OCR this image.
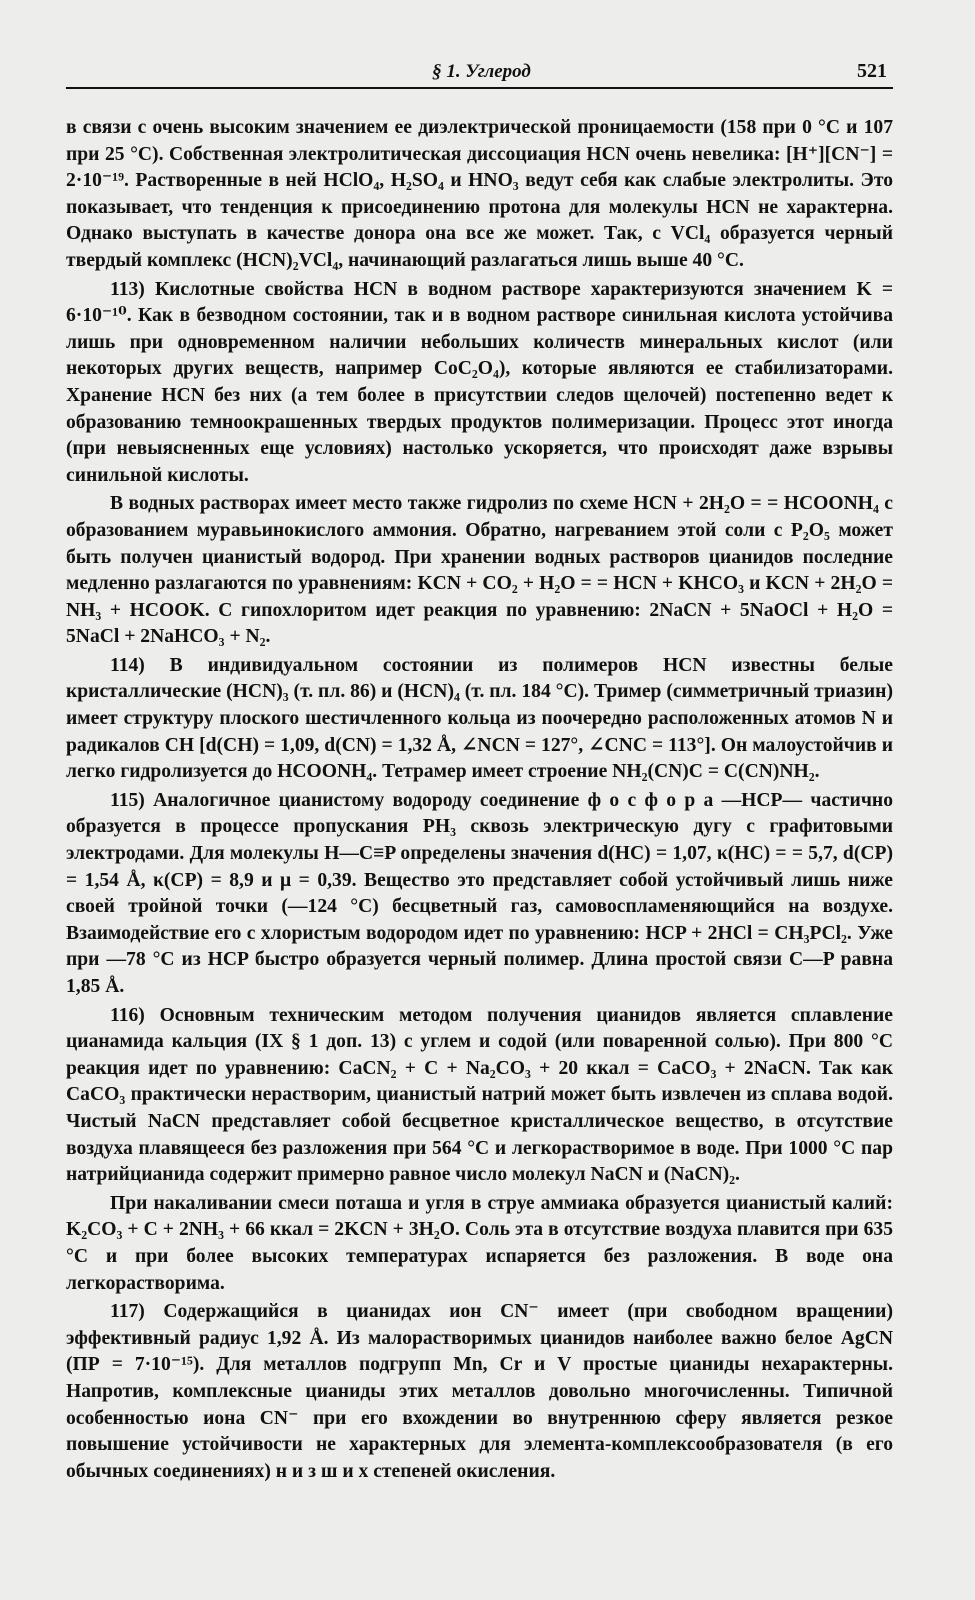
§ 1. Углерод	521

в связи с очень высоким значением ее диэлектрической проницаемости (158 при 0 °С и 107 при 25 °С). Собственная электролитическая диссоциация HCN очень невелика: [H⁺][CN⁻] = 2·10⁻¹⁹. Растворенные в ней HClO₄, H₂SO₄ и HNO₃ ведут себя как слабые электролиты. Это показывает, что тенденция к присоединению протона для молекулы HCN не характерна. Однако выступать в качестве донора она все же может. Так, с VCl₄ образуется черный твердый комплекс (HCN)₂VCl₄, начинающий разлагаться лишь выше 40 °С.

113) Кислотные свойства HCN в водном растворе характеризуются значением K = 6·10⁻¹⁰. Как в безводном состоянии, так и в водном растворе синильная кислота устойчива лишь при одновременном наличии небольших количеств минеральных кислот (или некоторых других веществ, например CoC₂O₄), которые являются ее стабилизаторами. Хранение HCN без них (а тем более в присутствии следов щелочей) постепенно ведет к образованию темноокрашенных твердых продуктов полимеризации. Процесс этот иногда (при невыясненных еще условиях) настолько ускоряется, что происходят даже взрывы синильной кислоты.

В водных растворах имеет место также гидролиз по схеме HCN + 2H₂O = = HCOONH₄ с образованием муравьинокислого аммония. Обратно, нагреванием этой соли с P₂O₅ может быть получен цианистый водород. При хранении водных растворов цианидов последние медленно разлагаются по уравнениям: KCN + CO₂ + H₂O = = HCN + KHCO₃ и KCN + 2H₂O = NH₃ + HCOOK. С гипохлоритом идет реакция по уравнению: 2NaCN + 5NaOCl + H₂O = 5NaCl + 2NaHCO₃ + N₂.

114) В индивидуальном состоянии из полимеров HCN известны белые кристаллические (HCN)₃ (т. пл. 86) и (HCN)₄ (т. пл. 184 °С). Тример (симметричный триазин) имеет структуру плоского шестичленного кольца из поочередно расположенных атомов N и радикалов CH [d(CH) = 1,09, d(CN) = 1,32 Å, ∠NCN = 127°, ∠CNC = 113°]. Он малоустойчив и легко гидролизуется до HCOONH₄. Тетрамер имеет строение NH₂(CN)C = C(CN)NH₂.

115) Аналогичное цианистому водороду соединение ф о с ф о р а —HCP— частично образуется в процессе пропускания PH₃ сквозь электрическую дугу с графитовыми электродами. Для молекулы H—C≡P определены значения d(HC) = 1,07, κ(HC) = = 5,7, d(CP) = 1,54 Å, κ(CP) = 8,9 и μ = 0,39. Вещество это представляет собой устойчивый лишь ниже своей тройной точки (—124 °С) бесцветный газ, самовоспламеняющийся на воздухе. Взаимодействие его с хлористым водородом идет по уравнению: HCP + 2HCl = CH₃PCl₂. Уже при —78 °С из HCP быстро образуется черный полимер. Длина простой связи C—P равна 1,85 Å.

116) Основным техническим методом получения цианидов является сплавление цианамида кальция (IX § 1 доп. 13) с углем и содой (или поваренной солью). При 800 °С реакция идет по уравнению: CaCN₂ + C + Na₂CO₃ + 20 ккал = CaCO₃ + 2NaCN. Так как CaCO₃ практически нерастворим, цианистый натрий может быть извлечен из сплава водой. Чистый NaCN представляет собой бесцветное кристаллическое вещество, в отсутствие воздуха плавящееся без разложения при 564 °С и легкорастворимое в воде. При 1000 °С пар натрийцианида содержит примерно равное число молекул NaCN и (NaCN)₂.

При накаливании смеси поташа и угля в струе аммиака образуется цианистый калий: K₂CO₃ + C + 2NH₃ + 66 ккал = 2KCN + 3H₂O. Соль эта в отсутствие воздуха плавится при 635 °С и при более высоких температурах испаряется без разложения. В воде она легкорастворима.

117) Содержащийся в цианидах ион CN⁻ имеет (при свободном вращении) эффективный радиус 1,92 Å. Из малорастворимых цианидов наиболее важно белое AgCN (ПР = 7·10⁻¹⁵). Для металлов подгрупп Mn, Cr и V простые цианиды нехарактерны. Напротив, комплексные цианиды этих металлов довольно многочисленны. Типичной особенностью иона CN⁻ при его вхождении во внутреннюю сферу является резкое повышение устойчивости не характерных для элемента-комплексообразователя (в его обычных соединениях) н и з ш и х степеней окисления.
